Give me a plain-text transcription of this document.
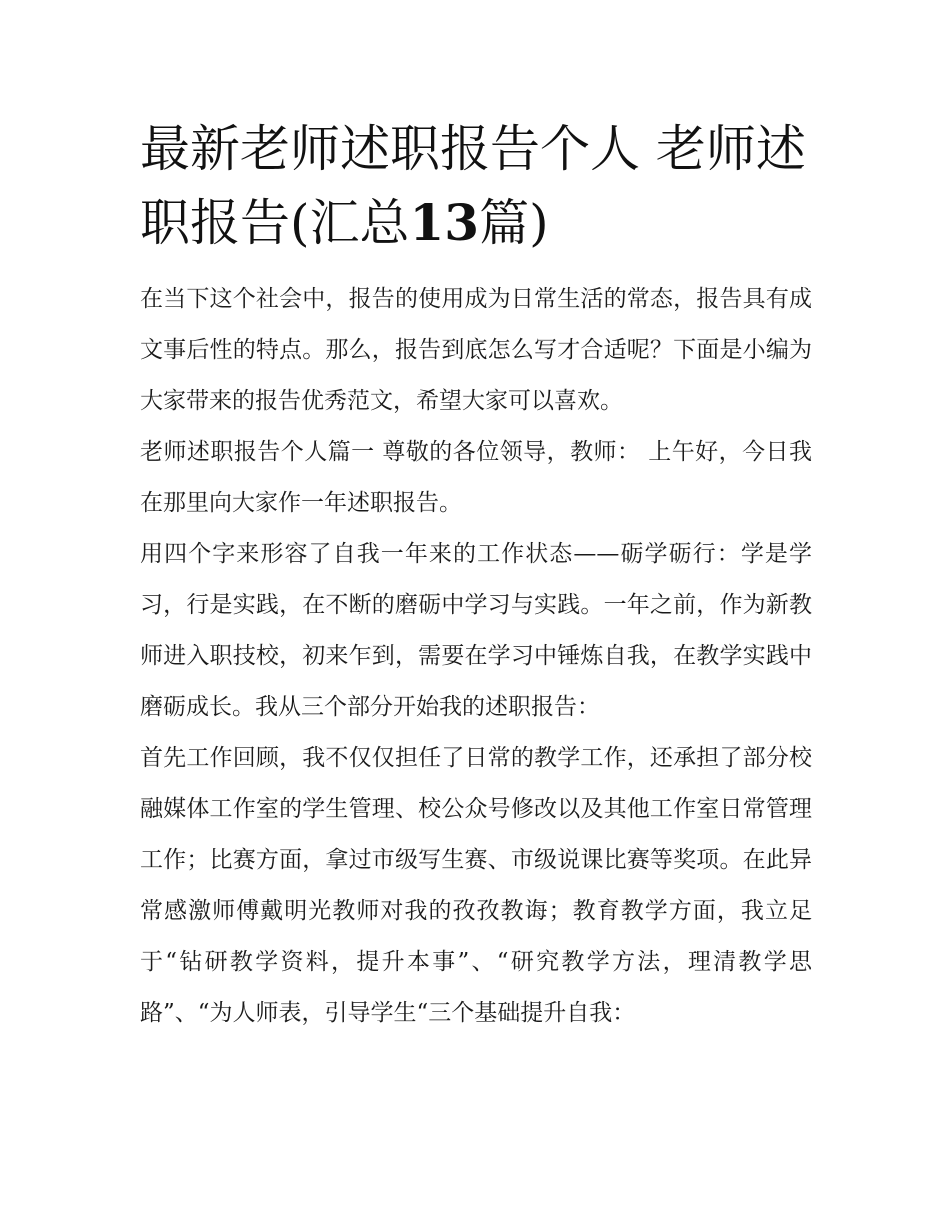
最新老师述职报告个人 老师述职报告(汇总13篇)

在当下这个社会中，报告的使用成为日常生活的常态，报告具有成文事后性的特点。那么，报告到底怎么写才合适呢？下面是小编为大家带来的报告优秀范文，希望大家可以喜欢。

老师述职报告个人篇一 尊敬的各位领导，教师： 上午好，今日我在那里向大家作一年述职报告。

用四个字来形容了自我一年来的工作状态——砺学砺行：学是学习，行是实践，在不断的磨砺中学习与实践。一年之前，作为新教师进入职技校，初来乍到，需要在学习中锤炼自我，在教学实践中磨砺成长。我从三个部分开始我的述职报告：

首先工作回顾，我不仅仅担任了日常的教学工作，还承担了部分校融媒体工作室的学生管理、校公众号修改以及其他工作室日常管理工作；比赛方面，拿过市级写生赛、市级说课比赛等奖项。在此异常感激师傅戴明光教师对我的孜孜教诲；教育教学方面，我立足于“钻研教学资料，提升本事”、“研究教学方法，理清教学思路”、“为人师表，引导学生“三个基础提升自我：
